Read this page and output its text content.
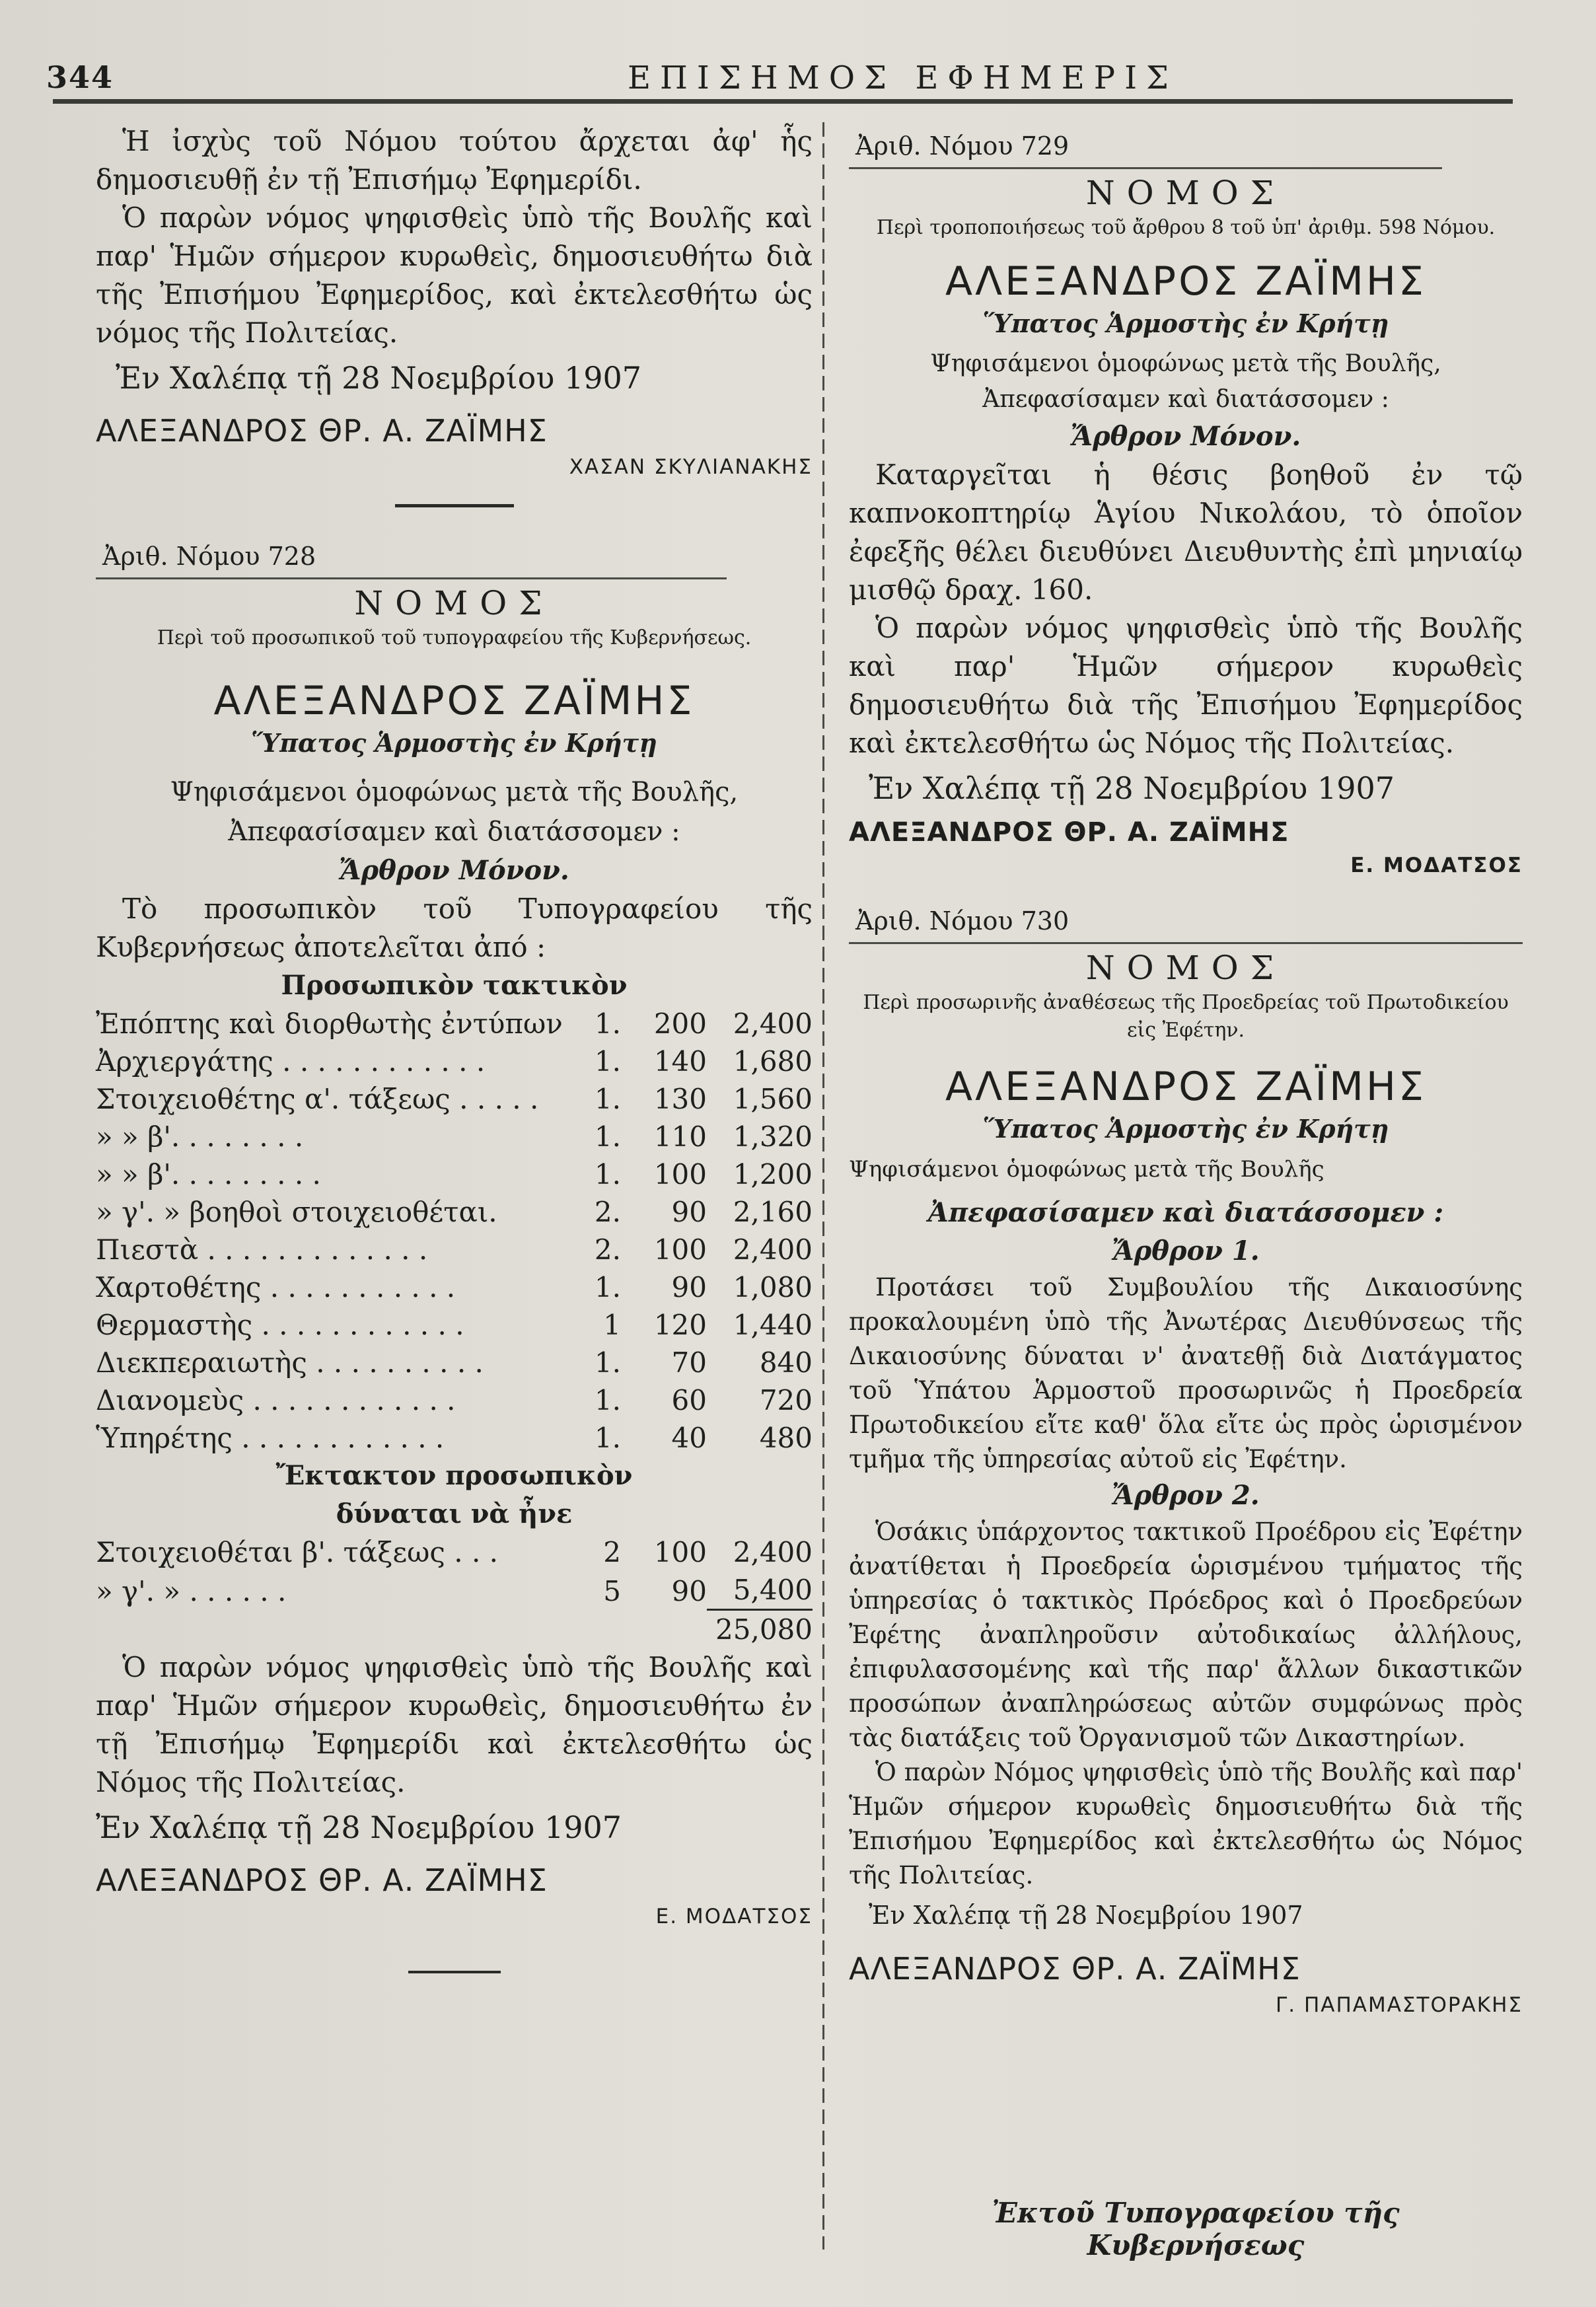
344	ΕΠΙΣΗΜΟΣ ΕΦΗΜΕΡΙΣ

Ἡ ἰσχὺς τοῦ Νόμου τούτου ἄρχεται ἀφ' ἧς δημοσιευθῇ ἐν τῇ Ἐπισήμῳ Ἐφημερίδι.

Ὁ παρὼν νόμος ψηφισθεὶς ὑπὸ τῆς Βουλῆς καὶ παρ' Ἡμῶν σήμερον κυρωθεὶς, δημοσιευθήτω διὰ τῆς Ἐπισήμου Ἐφημερίδος, καὶ ἐκτελεσθήτω ὡς νόμος τῆς Πολιτείας.

Ἐν Χαλέπᾳ τῇ 28 Νοεμβρίου 1907

ΑΛΕΞΑΝΔΡΟΣ ΘΡ. Α. ΖΑΪΜΗΣ

ΧΑΣΑΝ ΣΚΥΛΙΑΝΑΚΗΣ

Ἀριθ. Νόμου 728

ΝΟΜΟΣ

Περὶ τοῦ προσωπικοῦ τοῦ τυπογραφείου τῆς Κυβερνήσεως.

ΑΛΕΞΑΝΔΡΟΣ ΖΑΪΜΗΣ

Ὕπατος Ἁρμοστὴς ἐν Κρήτῃ

Ψηφισάμενοι ὁμοφώνως μετὰ τῆς Βουλῆς,

Ἀπεφασίσαμεν καὶ διατάσσομεν :

Ἄρθρον Μόνον.

Τὸ προσωπικὸν τοῦ Τυπογραφείου τῆς Κυβερνήσεως ἀποτελεῖται ἀπό :

Προσωπικὸν τακτικὸν

Ἐπόπτης καὶ διορθωτὴς ἐντύπων	1.	200	2,400
Ἀρχιεργάτης . . . . . . . . . . . .	1.	140	1,680
Στοιχειοθέτης α'. τάξεως . . . . .	1.	130	1,560
» » β'. . . . . . . .	1.	110	1,320
» » β'. . . . . . . . .	1.	100	1,200
» γ'. » βοηθοὶ στοιχειοθέται.	2.	90	2,160
Πιεστὰ . . . . . . . . . . . . .	2.	100	2,400
Χαρτοθέτης . . . . . . . . . . .	1.	90	1,080
Θερμαστὴς . . . . . . . . . . . .	1	120	1,440
Διεκπεραιωτὴς . . . . . . . . . .	1.	70	840
Διανομεὺς . . . . . . . . . . . .	1.	60	720
Ὑπηρέτης . . . . . . . . . . . .	1.	40	480

Ἔκτακτον προσωπικὸν

δύναται νὰ ἦνε

Στοιχειοθέται β'. τάξεως . . .	2	100	2,400
» γ'. » . . . . . .	5	90	5,400
			25,080

Ὁ παρὼν νόμος ψηφισθεὶς ὑπὸ τῆς Βουλῆς καὶ παρ' Ἡμῶν σήμερον κυρωθεὶς, δημοσιευθήτω ἐν τῇ Ἐπισήμῳ Ἐφημερίδι καὶ ἐκτελεσθήτω ὡς Νόμος τῆς Πολιτείας.

Ἐν Χαλέπᾳ τῇ 28 Νοεμβρίου 1907

ΑΛΕΞΑΝΔΡΟΣ ΘΡ. Α. ΖΑΪΜΗΣ

Ε. ΜΟΔΑΤΣΟΣ

Ἀριθ. Νόμου 729

ΝΟΜΟΣ

Περὶ τροποποιήσεως τοῦ ἄρθρου 8 τοῦ ὑπ' ἀριθμ. 598 Νόμου.

ΑΛΕΞΑΝΔΡΟΣ ΖΑΪΜΗΣ

Ὕπατος Ἁρμοστὴς ἐν Κρήτῃ

Ψηφισάμενοι ὁμοφώνως μετὰ τῆς Βουλῆς,

Ἀπεφασίσαμεν καὶ διατάσσομεν :

Ἄρθρον Μόνον.

Καταργεῖται ἡ θέσις βοηθοῦ ἐν τῷ καπνοκοπτηρίῳ Ἁγίου Νικολάου, τὸ ὁποῖον ἐφεξῆς θέλει διευθύνει Διευθυντὴς ἐπὶ μηνιαίῳ μισθῷ δραχ. 160.

Ὁ παρὼν νόμος ψηφισθεὶς ὑπὸ τῆς Βουλῆς καὶ παρ' Ἡμῶν σήμερον κυρωθεὶς δημοσιευθήτω διὰ τῆς Ἐπισήμου Ἐφημερίδος καὶ ἐκτελεσθήτω ὡς Νόμος τῆς Πολιτείας.

Ἐν Χαλέπᾳ τῇ 28 Νοεμβρίου 1907

ΑΛΕΞΑΝΔΡΟΣ ΘΡ. Α. ΖΑΪΜΗΣ

Ε. ΜΟΔΑΤΣΟΣ

Ἀριθ. Νόμου 730

ΝΟΜΟΣ

Περὶ προσωρινῆς ἀναθέσεως τῆς Προεδρείας τοῦ Πρωτοδικείου εἰς Ἐφέτην.

ΑΛΕΞΑΝΔΡΟΣ ΖΑΪΜΗΣ

Ὕπατος Ἁρμοστὴς ἐν Κρήτῃ

Ψηφισάμενοι ὁμοφώνως μετὰ τῆς Βουλῆς

Ἀπεφασίσαμεν καὶ διατάσσομεν :

Ἄρθρον 1.

Προτάσει τοῦ Συμβουλίου τῆς Δικαιοσύνης προκαλουμένη ὑπὸ τῆς Ἀνωτέρας Διευθύνσεως τῆς Δικαιοσύνης δύναται ν' ἀνατεθῇ διὰ Διατάγματος τοῦ Ὑπάτου Ἁρμοστοῦ προσωρινῶς ἡ Προεδρεία Πρωτοδικείου εἴτε καθ' ὅλα εἴτε ὡς πρὸς ὡρισμένον τμῆμα τῆς ὑπηρεσίας αὐτοῦ εἰς Ἐφέτην.

Ἄρθρον 2.

Ὁσάκις ὑπάρχοντος τακτικοῦ Προέδρου εἰς Ἐφέτην ἀνατίθεται ἡ Προεδρεία ὡρισμένου τμήματος τῆς ὑπηρεσίας ὁ τακτικὸς Πρόεδρος καὶ ὁ Προεδρεύων Ἐφέτης ἀναπληροῦσιν αὐτοδικαίως ἀλλήλους, ἐπιφυλασσομένης καὶ τῆς παρ' ἄλλων δικαστικῶν προσώπων ἀναπληρώσεως αὐτῶν συμφώνως πρὸς τὰς διατάξεις τοῦ Ὀργανισμοῦ τῶν Δικαστηρίων.

Ὁ παρὼν Νόμος ψηφισθεὶς ὑπὸ τῆς Βουλῆς καὶ παρ' Ἡμῶν σήμερον κυρωθεὶς δημοσιευθήτω διὰ τῆς Ἐπισήμου Ἐφημερίδος καὶ ἐκτελεσθήτω ὡς Νόμος τῆς Πολιτείας.

Ἐν Χαλέπᾳ τῇ 28 Νοεμβρίου 1907

ΑΛΕΞΑΝΔΡΟΣ ΘΡ. Α. ΖΑΪΜΗΣ

Γ. ΠΑΠΑΜΑΣΤΟΡΑΚΗΣ

Ἐκτοῦ Τυπογραφείου τῆς Κυβερνήσεως
